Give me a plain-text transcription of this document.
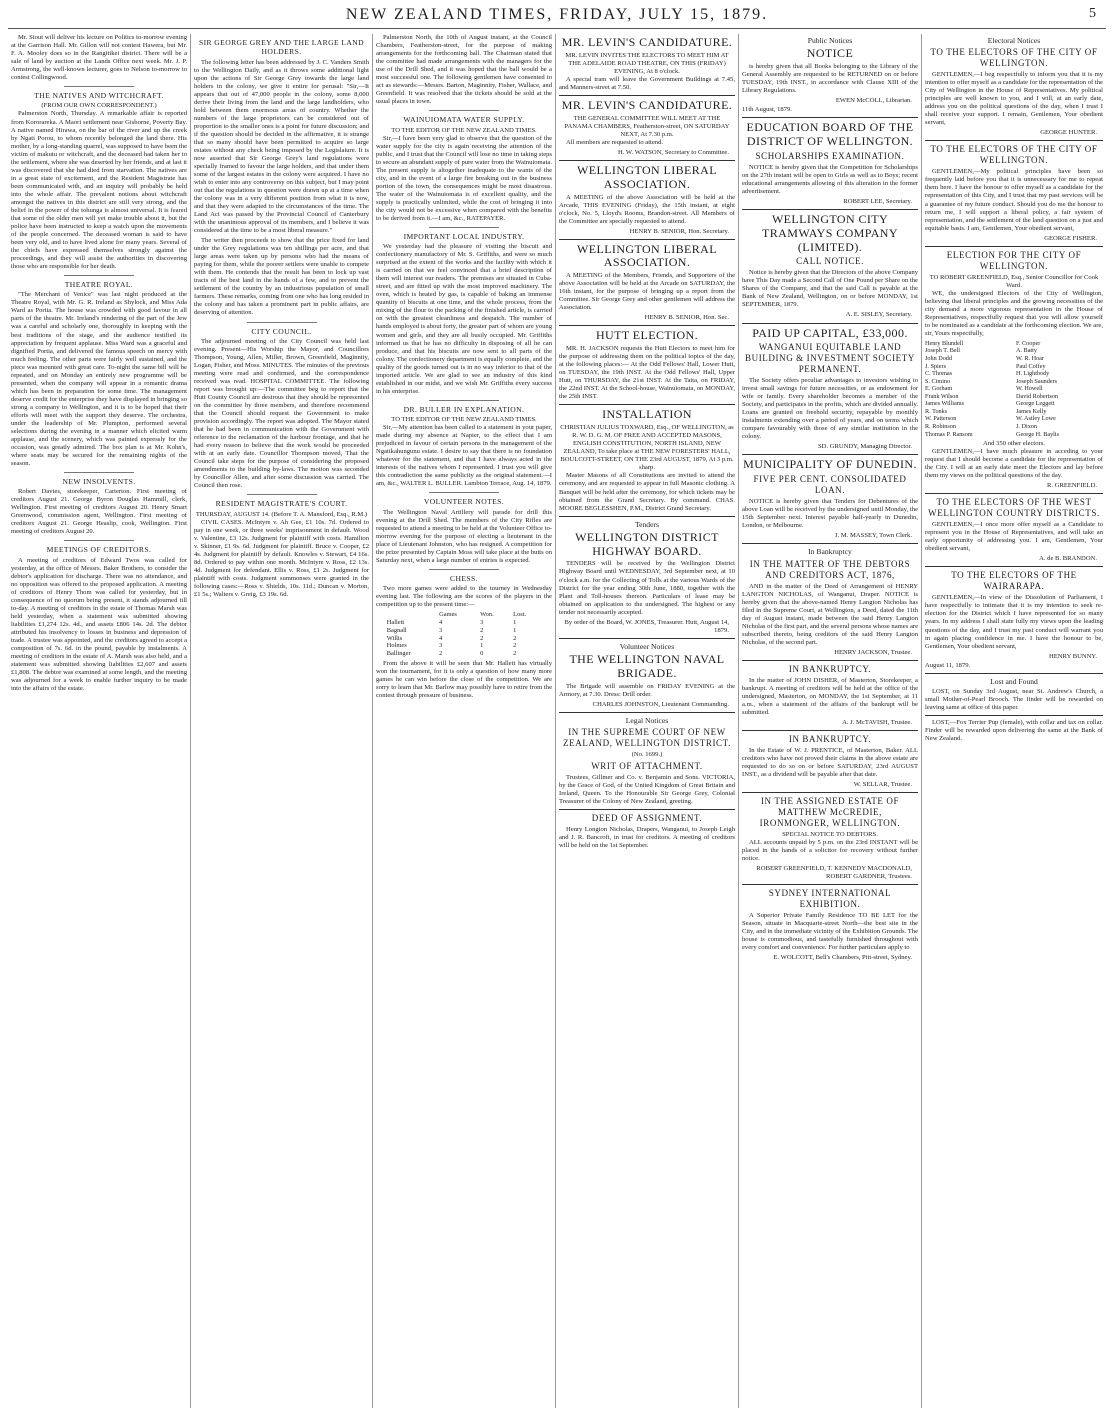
NEW ZEALAND TIMES, FRIDAY, JULY 15, 1879.	5

Mr. Stout will deliver his lecture on Politics to-morrow evening at the Garrison Hall. Mr. Gillon will not contest Hawera, but Mr. F. A. Mooley does so in the Rangitikei district. There will be a sale of land by auction at the Lands Office next week. Mr. J. P. Armstrong, the well-known lecturer, goes to Nelson to-morrow to contest Collingwood.

THE NATIVES AND WITCHCRAFT.
(FROM OUR OWN CORRESPONDENT.)

Palmerston North, Thursday. A remarkable affair is reported from Kororareka. A Maori settlement near Gisborne, Poverty Bay. A native named Hirawa, on the bar of the river and up the creek by Ngati Porou, to whom recently belonged the land there. His mother, by a long-standing quarrel, was supposed to have been the victim of makutu or witchcraft, and the deceased had taken her to the settlement, where she was deserted by her friends, and at last it was discovered that she had died from starvation. The natives are in a great state of excitement, and the Resident Magistrate has been communicated with, and an inquiry will probably be held into the whole affair. The prevalent notions about witchcraft amongst the natives in this district are still very strong, and the belief in the power of the tohunga is almost universal. It is feared that some of the older men will yet make trouble about it, but the police have been instructed to keep a watch upon the movements of the people concerned. The deceased woman is said to have been very old, and to have lived alone for many years. Several of the chiefs have expressed themselves strongly against the proceedings, and they will assist the authorities in discovering those who are responsible for her death.

THEATRE ROYAL.

"The Merchant of Venice" was last night produced at the Theatre Royal, with Mr. G. R. Ireland as Shylock, and Miss Ada Ward as Portia. The house was crowded with good favour in all parts of the theatre. Mr. Ireland's rendering of the part of the Jew was a careful and scholarly one, thoroughly in keeping with the best traditions of the stage, and the audience testified its appreciation by frequent applause. Miss Ward was a graceful and dignified Portia, and delivered the famous speech on mercy with much feeling. The other parts were fairly well sustained, and the piece was mounted with great care. To-night the same bill will be repeated, and on Monday an entirely new programme will be presented, when the company will appear in a romantic drama which has been in preparation for some time. The management deserve credit for the enterprise they have displayed in bringing so strong a company to Wellington, and it is to be hoped that their efforts will meet with the support they deserve. The orchestra, under the leadership of Mr. Plumpton, performed several selections during the evening in a manner which elicited warm applause, and the scenery, which was painted expressly for the occasion, was greatly admired. The box plan is at Mr. Kohn's, where seats may be secured for the remaining nights of the season.

NEW INSOLVENTS.

Robert Davies, storekeeper, Carterton. First meeting of creditors August 21. George Byron Douglas Hammill, clerk, Wellington. First meeting of creditors August 20. Henry Smart Greenwood, commission agent, Wellington. First meeting of creditors August 21. George Heaslip, cook, Wellington. First meeting of creditors August 20.

MEETINGS OF CREDITORS.

A meeting of creditors of Edward Twos was called for yesterday, at the office of Messrs. Baker Brothers, to consider the debtor's application for discharge. There was no attendance, and no opposition was offered to the proposed application. A meeting of creditors of Henry Thom was called for yesterday, but in consequence of no quorum being present, it stands adjourned till to-day. A meeting of creditors in the estate of Thomas Marsh was held yesterday, when a statement was submitted showing liabilities £1,274 12s. 4d., and assets £806 14s. 2d. The debtor attributed his insolvency to losses in business and depression of trade. A trustee was appointed, and the creditors agreed to accept a composition of 7s. 6d. in the pound, payable by instalments. A meeting of creditors in the estate of A. Marsh was also held, and a statement was submitted showing liabilities £2,607 and assets £1,808. The debtor was examined at some length, and the meeting was adjourned for a week to enable further inquiry to be made into the affairs of the estate.

SIR GEORGE GREY AND THE LARGE LAND HOLDERS.

The following letter has been addressed by J. C. Vanders Smith to the Wellington Daily, and as it throws some additional light upon the actions of Sir George Grey towards the large land holders in the colony, we give it entire for perusal: "Sir,—It appears that out of 47,000 people in the colony, some 8,000 derive their living from the land and the large landholders, who hold between them enormous areas of country. Whether the numbers of the large proprietors can be considered out of proportion to the smaller ones is a point for future discussion; and if the question should be decided in the affirmative, it is strange that so many should have been permitted to acquire so large estates without any check being imposed by the Legislature. It is now asserted that Sir George Grey's land regulations were specially framed to favour the large holders, and that under them some of the largest estates in the colony were acquired. I have no wish to enter into any controversy on this subject, but I may point out that the regulations in question were drawn up at a time when the colony was in a very different position from what it is now, and that they were adapted to the circumstances of the time. The Land Act was passed by the Provincial Council of Canterbury with the unanimous approval of its members, and I believe it was considered at the time to be a most liberal measure."

The writer then proceeds to show that the price fixed for land under the Grey regulations was ten shillings per acre, and that large areas were taken up by persons who had the means of paying for them, while the poorer settlers were unable to compete with them. He contends that the result has been to lock up vast tracts of the best land in the hands of a few, and to prevent the settlement of the country by an industrious population of small farmers. These remarks, coming from one who has long resided in the colony and has taken a prominent part in public affairs, are deserving of attention.

CITY COUNCIL.

The adjourned meeting of the City Council was held last evening. Present—His Worship the Mayor, and Councillors Thompson, Young, Allen, Miller, Brown, Greenfield, Maginnity, Logan, Fisher, and Moss. MINUTES. The minutes of the previous meeting were read and confirmed, and the correspondence received was read. HOSPITAL COMMITTEE. The following report was brought up:—The committee beg to report that the Hutt County Council are desirous that they should be represented on the committee by three members, and therefore recommend that the Council should request the Government to make provision accordingly. The report was adopted. The Mayor stated that he had been in communication with the Government with reference to the reclamation of the harbour frontage, and that he had every reason to believe that the work would be proceeded with at an early date. Councillor Thompson moved, That the Council take steps for the purpose of considering the proposed amendments to the building by-laws. The motion was seconded by Councillor Allen, and after some discussion was carried. The Council then rose.

RESIDENT MAGISTRATE'S COURT.
THURSDAY, AUGUST 14. (Before T. A. Mansford, Esq., R.M.)

CIVIL CASES. McIntyre v. Ah Gee, £1 10s. 7d. Ordered to pay in one week, or three weeks' imprisonment in default. Wood v. Valentine, £3 12s. Judgment for plaintiff with costs. Hamilton v. Skinner, £1 9s. 6d. Judgment for plaintiff. Bruce v. Cooper, £2 4s. Judgment for plaintiff by default. Knowles v. Stewart, £4 16s. 8d. Ordered to pay within one month. McIntyre v. Ross, £2 13s. 4d. Judgment for defendant. Ellis v. Ross, £1 2s. Judgment for plaintiff with costs. Judgment summonses were granted in the following cases:—Ross v. Shields, 10s. 11d.; Duncan v. Morton, £1 5s.; Walters v. Greig, £3 19s. 6d.

Palmerston North, the 10th of August instant, at the Council Chambers, Featherston-street, for the purpose of making arrangements for the forthcoming ball. The Chairman stated that the committee had made arrangements with the managers for the use of the Drill Shed, and it was hoped that the ball would be a most successful one. The following gentlemen have consented to act as stewards:—Messrs. Barton, Maginnity, Fisher, Wallace, and Greenfield. It was resolved that the tickets should be sold at the usual places in town.

WAINUIOMATA WATER SUPPLY.
TO THE EDITOR OF THE NEW ZEALAND TIMES.

Sir,—I have been very glad to observe that the question of the water supply for the city is again receiving the attention of the public, and I trust that the Council will lose no time in taking steps to secure an abundant supply of pure water from the Wainuiomata. The present supply is altogether inadequate to the wants of the city, and in the event of a large fire breaking out in the business portion of the town, the consequences might be most disastrous. The water of the Wainuiomata is of excellent quality, and the supply is practically unlimited, while the cost of bringing it into the city would not be excessive when compared with the benefits to be derived from it.—I am, &c., RATEPAYER.

IMPORTANT LOCAL INDUSTRY.

We yesterday had the pleasure of visiting the biscuit and confectionery manufactory of Mr. S. Griffiths, and were so much surprised at the extent of the works and the facility with which it is carried on that we feel convinced that a brief description of them will interest our readers. The premises are situated in Cuba-street, and are fitted up with the most improved machinery. The oven, which is heated by gas, is capable of baking an immense quantity of biscuits at one time, and the whole process, from the mixing of the flour to the packing of the finished article, is carried on with the greatest cleanliness and despatch. The number of hands employed is about forty, the greater part of whom are young women and girls, and they are all busily occupied. Mr. Griffiths informed us that he has no difficulty in disposing of all he can produce, and that his biscuits are now sent to all parts of the colony. The confectionery department is equally complete, and the quality of the goods turned out is in no way inferior to that of the imported article. We are glad to see an industry of this kind established in our midst, and we wish Mr. Griffiths every success in his enterprise.

DR. BULLER IN EXPLANATION.
TO THE EDITOR OF THE NEW ZEALAND TIMES.

Sir,—My attention has been called to a statement in your paper, made during my absence at Napier, to the effect that I am prejudiced in favour of certain persons in the management of the Ngatikahungunu estate. I desire to say that there is no foundation whatever for the statement, and that I have always acted in the interests of the natives whom I represented. I trust you will give this contradiction the same publicity as the original statement.—I am, &c., WALTER L. BULLER. Lambton Terrace, Aug. 14, 1879.

VOLUNTEER NOTES.

The Wellington Naval Artillery will parade for drill this evening at the Drill Shed. The members of the City Rifles are requested to attend a meeting to be held at the Volunteer Office to-morrow evening for the purpose of electing a lieutenant in the place of Lieutenant Johnston, who has resigned. A competition for the prize presented by Captain Moss will take place at the butts on Saturday next, when a large number of entries is expected.

CHESS.

Two more games were added to the tourney in Wednesday evening last. The following are the scores of the players in the competition up to the present time:—

	Games	Won.	Lost.
Hallett	4	3	1
Bagnall	3	2	1
Willis	4	2	2
Holmes	3	1	2
Ballinger	2	0	2

From the above it will be seen that Mr. Hallett has virtually won the tournament, for it is only a question of how many more games he can win before the close of the competition. We are sorry to learn that Mr. Barlow may possibly have to retire from the contest through pressure of business.

MR. LEVIN'S CANDIDATURE.
MR. LEVIN INVITES THE ELECTORS TO MEET HIM AT THE ADELAIDE ROAD THEATRE, ON THIS (FRIDAY) EVENING, At 8 o'clock.

A special tram will leave the Government Buildings at 7.45, and Manners-street at 7.50.

MR. LEVIN'S CANDIDATURE.
THE GENERAL COMMITTEE WILL MEET AT THE PANAMA CHAMBERS, Featherston-street, ON SATURDAY NEXT, At 7.30 p.m.

All members are requested to attend.

H. W. WATSON, Secretary to Committee.
WELLINGTON LIBERAL ASSOCIATION.

A MEETING of the above Association will be held at the Arcade, THIS EVENING (Friday), the 15th instant, at eight o'clock, No. 5, Lloyd's Rooms, Brandon-street. All Members of the Committee are specially requested to attend.

HENRY B. SENIOR, Hon. Secretary.
WELLINGTON LIBERAL ASSOCIATION.

A MEETING of the Members, Friends, and Supporters of the above Association will be held at the Arcade on SATURDAY, the 16th instant, for the purpose of bringing up a report from the Committee. Sir George Grey and other gentlemen will address the Association.

HENRY B. SENIOR, Hon. Sec.
HUTT ELECTION.

MR. H. JACKSON requests the Hutt Electors to meet him for the purpose of addressing them on the political topics of the day, at the following places:— At the Odd Fellows' Hall, Lower Hutt, on TUESDAY, the 19th INST. At the Odd Fellows' Hall, Upper Hutt, on THURSDAY, the 21st INST. At the Taita, on FRIDAY, the 22nd INST. At the School-house, Wainuiomata, on MONDAY, the 25th INST.

INSTALLATION
CHRISTIAN JULIUS TOXWARD, Esq., OF WELLINGTON, as R. W. D. G. M. OF FREE AND ACCEPTED MASONS, ENGLISH CONSTITUTION, NORTH ISLAND, NEW ZEALAND, To take place at THE NEW FORESTERS' HALL, BOULCOTT-STREET, ON THE 23rd AUGUST, 1879, At 3 p.m. sharp.

Master Masons of all Constitutions are invited to attend the ceremony, and are requested to appear in full Masonic clothing. A Banquet will be held after the ceremony, for which tickets may be obtained from the Grand Secretary. By command. CHAS. MOORE BEGLESSHEN, P.M., District Grand Secretary.

Tenders
WELLINGTON DISTRICT HIGHWAY BOARD.

TENDERS will be received by the Wellington District Highway Board until WEDNESDAY, 3rd September next, at 10 o'clock a.m. for the Collecting of Tolls at the various Wards of the District for the year ending 30th June, 1880, together with the Plant and Toll-houses thereon. Particulars of lease may be obtained on application to the undersigned. The highest or any tender not necessarily accepted.

By order of the Board, W. JONES, Treasurer. Hutt, August 14, 1879.
Volunteer Notices
THE WELLINGTON NAVAL BRIGADE.

The Brigade will assemble on FRIDAY EVENING at the Armory, at 7.30. Dress: Drill order.

CHARLES JOHNSTON, Lieutenant Commanding.
Legal Notices
IN THE SUPREME COURT OF NEW ZEALAND, WELLINGTON DISTRICT.
(No. 1699.)
WRIT OF ATTACHMENT.

Trustees, Gillmer and Co. v. Benjamin and Sons. VICTORIA, by the Grace of God, of the United Kingdom of Great Britain and Ireland, Queen. To the Honourable Sir George Grey, Colonial Treasurer of the Colony of New Zealand, greeting.

DEED OF ASSIGNMENT.

Henry Longton Nicholas, Drapers, Wanganui, to Joseph Leigh and J. R. Bancroft, in trust for creditors. A meeting of creditors will be held on the 1st September.

Public Notices
NOTICE

is hereby given that all Books belonging to the Library of the General Assembly are requested to be RETURNED on or before TUESDAY, 19th INST., in accordance with Clause XIII of the Library Regulations.

EWEN McCOLL, Librarian.
11th August, 1879.
EDUCATION BOARD OF THE DISTRICT OF WELLINGTON.
SCHOLARSHIPS EXAMINATION.

NOTICE is hereby given that the Competition for Scholarships on the 27th instant will be open to Girls as well as to Boys; recent educational arrangements allowing of this alteration in the former advertisement.

ROBERT LEE, Secretary.
WELLINGTON CITY TRAMWAYS COMPANY (LIMITED).
CALL NOTICE.

Notice is hereby given that the Directors of the above Company have This Day made a Second Call of One Pound per Share on the Shares of the Company, and that the said Call is payable at the Bank of New Zealand, Wellington, on or before MONDAY, 1st SEPTEMBER, 1879.

A. E. SISLEY, Secretary.
PAID UP CAPITAL, £33,000.
WANGANUI EQUITABLE LAND BUILDING & INVESTMENT SOCIETY PERMANENT.

The Society offers peculiar advantages to investors wishing to invest small savings for future necessities, or as endowment for wife or family. Every shareholder becomes a member of the Society, and participates in the profits, which are divided annually. Loans are granted on freehold security, repayable by monthly instalments extending over a period of years, and on terms which compare favourably with those of any similar institution in the colony.

SD. GRUNDY, Managing Director.
MUNICIPALITY OF DUNEDIN.
FIVE PER CENT. CONSOLIDATED LOAN.

NOTICE is hereby given that Tenders for Debentures of the above Loan will be received by the undersigned until Monday, the 15th September next. Interest payable half-yearly in Dunedin, London, or Melbourne.

J. M. MASSEY, Town Clerk.
In Bankruptcy
IN THE MATTER OF THE DEBTORS AND CREDITORS ACT, 1876,

AND in the matter of the Deed of Arrangement of HENRY LANGTON NICHOLAS, of Wanganui, Draper. NOTICE is hereby given that the above-named Henry Langton Nicholas has filed in the Supreme Court, at Wellington, a Deed, dated the 11th day of August instant, made between the said Henry Langton Nicholas of the first part, and the several persons whose names are subscribed thereto, being creditors of the said Henry Langton Nicholas, of the second part.

HENRY JACKSON, Trustee.
IN BANKRUPTCY.

In the matter of JOHN DISHER, of Masterton, Storekeeper, a bankrupt. A meeting of creditors will be held at the office of the undersigned, Masterton, on MONDAY, the 1st September, at 11 a.m., when a statement of the affairs of the bankrupt will be submitted.

A. J. McTAVISH, Trustee.
IN BANKRUPTCY.

In the Estate of W. J. PRENTICE, of Masterton, Baker. ALL creditors who have not proved their claims in the above estate are requested to do so on or before SATURDAY, 23rd AUGUST INST., as a dividend will be payable after that date.

W. SELLAR, Trustee.
IN THE ASSIGNED ESTATE OF MATTHEW McCREDIE, IRONMONGER, WELLINGTON.
SPECIAL NOTICE TO DEBTORS.

ALL accounts unpaid by 5 p.m. on the 23rd INSTANT will be placed in the hands of a solicitor for recovery without further notice.

ROBERT GREENFIELD, T. KENNEDY MACDONALD, ROBERT GARDNER, Trustees.
SYDNEY INTERNATIONAL EXHIBITION.

A Superior Private Family Residence TO BE LET for the Season, situate in Macquarie-street North—the best site in the City, and in the immediate vicinity of the Exhibition Grounds. The house is commodious, and tastefully furnished throughout with every comfort and convenience. For further particulars apply to

E. WOLCOTT, Bell's Chambers, Pitt-street, Sydney.
Electoral Notices
TO THE ELECTORS OF THE CITY OF WELLINGTON.

GENTLEMEN,—I beg respectfully to inform you that it is my intention to offer myself as a candidate for the representation of the City of Wellington in the House of Representatives. My political principles are well known to you, and I will, at an early date, address you on the political questions of the day, when I trust I shall receive your support. I remain, Gentlemen, Your obedient servant,

GEORGE HUNTER.
TO THE ELECTORS OF THE CITY OF WELLINGTON.

GENTLEMEN,—My political principles have been so frequently laid before you that it is unnecessary for me to repeat them here. I have the honour to offer myself as a candidate for the representation of this City, and I trust that my past services will be a guarantee of my future conduct. Should you do me the honour to return me, I will support a liberal policy, a fair system of representation, and the settlement of the land question on a just and equitable basis. I am, Gentlemen, Your obedient servant,

GEORGE FISHER.
ELECTION FOR THE CITY OF WELLINGTON.
TO ROBERT GREENFIELD, Esq., Senior Councillor for Cook Ward.

WE, the undersigned Electors of the City of Wellington, believing that liberal principles and the growing necessities of the city demand a more vigorous representation in the House of Representatives, respectfully request that you will allow yourself to be nominated as a candidate at the forthcoming election. We are, sir, Yours respectfully,

Henry Blundell
Joseph T. Bell
John Dodd
J. Spiers
C. Thomas
S. Cimino
E. Gorham
Frank Wilson
James Williams
R. Tonks
W. Patterson
R. Robinson
Thomas P. Ransom
F. Cooper
A. Batty
W. R. Hoar
Paul Coffey
H. Lightbody
Joseph Saunders
W. Howell
David Robertson
George Leggett
James Kelly
W. Astley Lowe
J. Dixon
George H. Baylis
And 350 other electors.

GENTLEMEN,—I have much pleasure in acceding to your request that I should become a candidate for the representation of the City. I will at an early date meet the Electors and lay before them my views on the political questions of the day.

R. GREENFIELD.
TO THE ELECTORS OF THE WEST WELLINGTON COUNTRY DISTRICTS.

GENTLEMEN,—I once more offer myself as a Candidate to represent you in the House of Representatives, and will take an early opportunity of addressing you. I am, Gentlemen, Your obedient servant,

A. de B. BRANDON.
TO THE ELECTORS OF THE WAIRARAPA.

GENTLEMEN,—In view of the Dissolution of Parliament, I have respectfully to intimate that it is my intention to seek re-election for the District which I have represented for so many years. In my address I shall state fully my views upon the leading questions of the day, and I trust my past conduct will warrant you in again placing confidence in me. I have the honour to be, Gentlemen, Your obedient servant,

HENRY BUNNY.
August 11, 1879.
Lost and Found

LOST, on Sunday 3rd August, near St. Andrew's Church, a small Mother-of-Pearl Brooch. The finder will be rewarded on leaving same at office of this paper.

LOST,—Fox Terrier Pup (female), with collar and tax on collar. Finder will be rewarded upon delivering the same at the Bank of New Zealand.
